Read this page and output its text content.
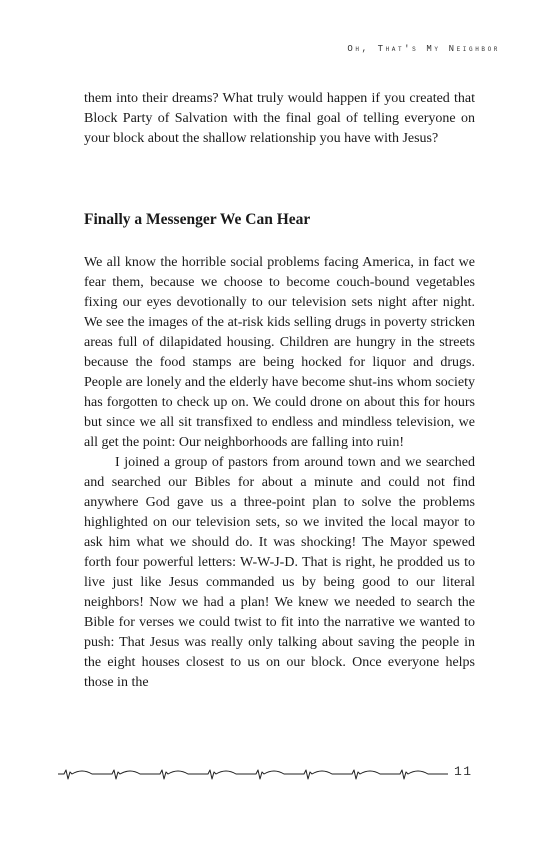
Oh, That's My Neighbor

them into their dreams? What truly would happen if you created that Block Party of Salvation with the final goal of telling everyone on your block about the shallow relationship you have with Jesus?

Finally a Messenger We Can Hear

We all know the horrible social problems facing America, in fact we fear them, because we choose to become couch-bound vegetables fixing our eyes devotionally to our television sets night after night. We see the images of the at-risk kids selling drugs in poverty stricken areas full of dilapidated housing. Children are hungry in the streets because the food stamps are being hocked for liquor and drugs. People are lonely and the elderly have become shut-ins whom society has forgotten to check up on. We could drone on about this for hours but since we all sit transfixed to endless and mindless television, we all get the point: Our neighborhoods are falling into ruin!

I joined a group of pastors from around town and we searched and searched our Bibles for about a minute and could not find anywhere God gave us a three-point plan to solve the problems highlighted on our television sets, so we invited the local mayor to ask him what we should do. It was shocking! The Mayor spewed forth four powerful letters: W-W-J-D. That is right, he prodded us to live just like Jesus commanded us by being good to our literal neighbors! Now we had a plan! We knew we needed to search the Bible for verses we could twist to fit into the narrative we wanted to push: That Jesus was really only talking about saving the people in the eight houses closest to us on our block. Once everyone helps those in the

11
